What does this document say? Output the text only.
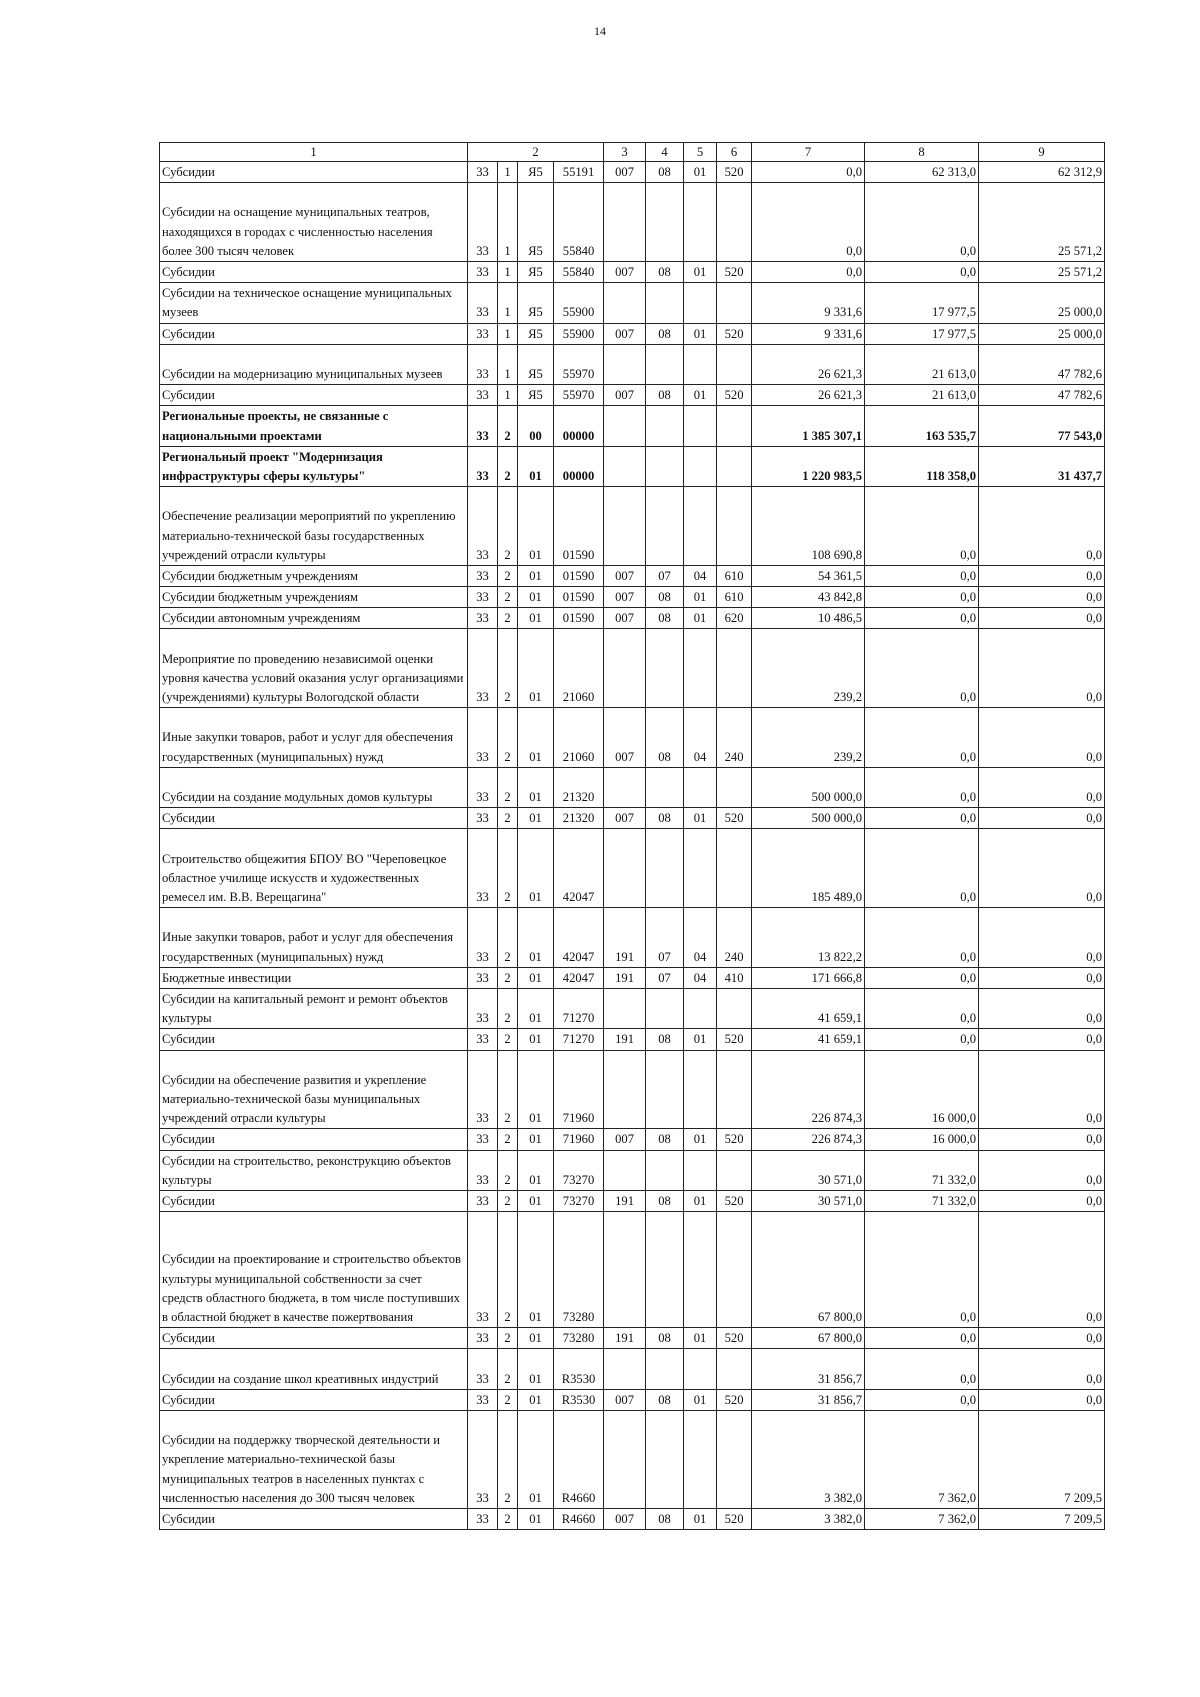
14
1	2				3	4	5	6	7	8	9
Субсидии	33	1	Я5	55191	007	08	01	520	0,0	62 313,0	62 312,9
Субсидии на оснащение муниципальных театров, находящихся в городах с численностью населения более 300 тысяч человек	33	1	Я5	55840					0,0	0,0	25 571,2
Субсидии	33	1	Я5	55840	007	08	01	520	0,0	0,0	25 571,2
Субсидии на техническое оснащение муниципальных музеев	33	1	Я5	55900					9 331,6	17 977,5	25 000,0
Субсидии	33	1	Я5	55900	007	08	01	520	9 331,6	17 977,5	25 000,0
Субсидии на модернизацию муниципальных музеев	33	1	Я5	55970					26 621,3	21 613,0	47 782,6
Субсидии	33	1	Я5	55970	007	08	01	520	26 621,3	21 613,0	47 782,6
Региональные проекты, не связанные с национальными проектами	33	2	00	00000					1 385 307,1	163 535,7	77 543,0
Региональный проект "Модернизация инфраструктуры сферы культуры"	33	2	01	00000					1 220 983,5	118 358,0	31 437,7
Обеспечение реализации мероприятий по укреплению материально-технической базы государственных учреждений отрасли культуры	33	2	01	01590					108 690,8	0,0	0,0
Субсидии бюджетным учреждениям	33	2	01	01590	007	07	04	610	54 361,5	0,0	0,0
Субсидии бюджетным учреждениям	33	2	01	01590	007	08	01	610	43 842,8	0,0	0,0
Субсидии автономным учреждениям	33	2	01	01590	007	08	01	620	10 486,5	0,0	0,0
Мероприятие по проведению независимой оценки уровня качества условий оказания услуг организациями (учреждениями) культуры Вологодской области	33	2	01	21060					239,2	0,0	0,0
Иные закупки товаров, работ и услуг для обеспечения государственных (муниципальных) нужд	33	2	01	21060	007	08	04	240	239,2	0,0	0,0
Субсидии на создание модульных домов культуры	33	2	01	21320					500 000,0	0,0	0,0
Субсидии	33	2	01	21320	007	08	01	520	500 000,0	0,0	0,0
Строительство общежития БПОУ ВО "Череповецкое областное училище искусств и художественных ремесел им. В.В. Верещагина"	33	2	01	42047					185 489,0	0,0	0,0
Иные закупки товаров, работ и услуг для обеспечения государственных (муниципальных) нужд	33	2	01	42047	191	07	04	240	13 822,2	0,0	0,0
Бюджетные инвестиции	33	2	01	42047	191	07	04	410	171 666,8	0,0	0,0
Субсидии на капитальный ремонт и ремонт объектов культуры	33	2	01	71270					41 659,1	0,0	0,0
Субсидии	33	2	01	71270	191	08	01	520	41 659,1	0,0	0,0
Субсидии на обеспечение развития и укрепление материально-технической базы муниципальных учреждений отрасли культуры	33	2	01	71960					226 874,3	16 000,0	0,0
Субсидии	33	2	01	71960	007	08	01	520	226 874,3	16 000,0	0,0
Субсидии на строительство, реконструкцию объектов культуры	33	2	01	73270					30 571,0	71 332,0	0,0
Субсидии	33	2	01	73270	191	08	01	520	30 571,0	71 332,0	0,0
Субсидии на проектирование и строительство объектов культуры муниципальной собственности за счет средств областного бюджета, в том числе поступивших в областной бюджет в качестве пожертвования	33	2	01	73280					67 800,0	0,0	0,0
Субсидии	33	2	01	73280	191	08	01	520	67 800,0	0,0	0,0
Субсидии на создание школ креативных индустрий	33	2	01	R3530					31 856,7	0,0	0,0
Субсидии	33	2	01	R3530	007	08	01	520	31 856,7	0,0	0,0
Субсидии на поддержку творческой деятельности и укрепление материально-технической базы муниципальных театров в населенных пунктах с численностью населения до 300 тысяч человек	33	2	01	R4660					3 382,0	7 362,0	7 209,5
Субсидии	33	2	01	R4660	007	08	01	520	3 382,0	7 362,0	7 209,5
